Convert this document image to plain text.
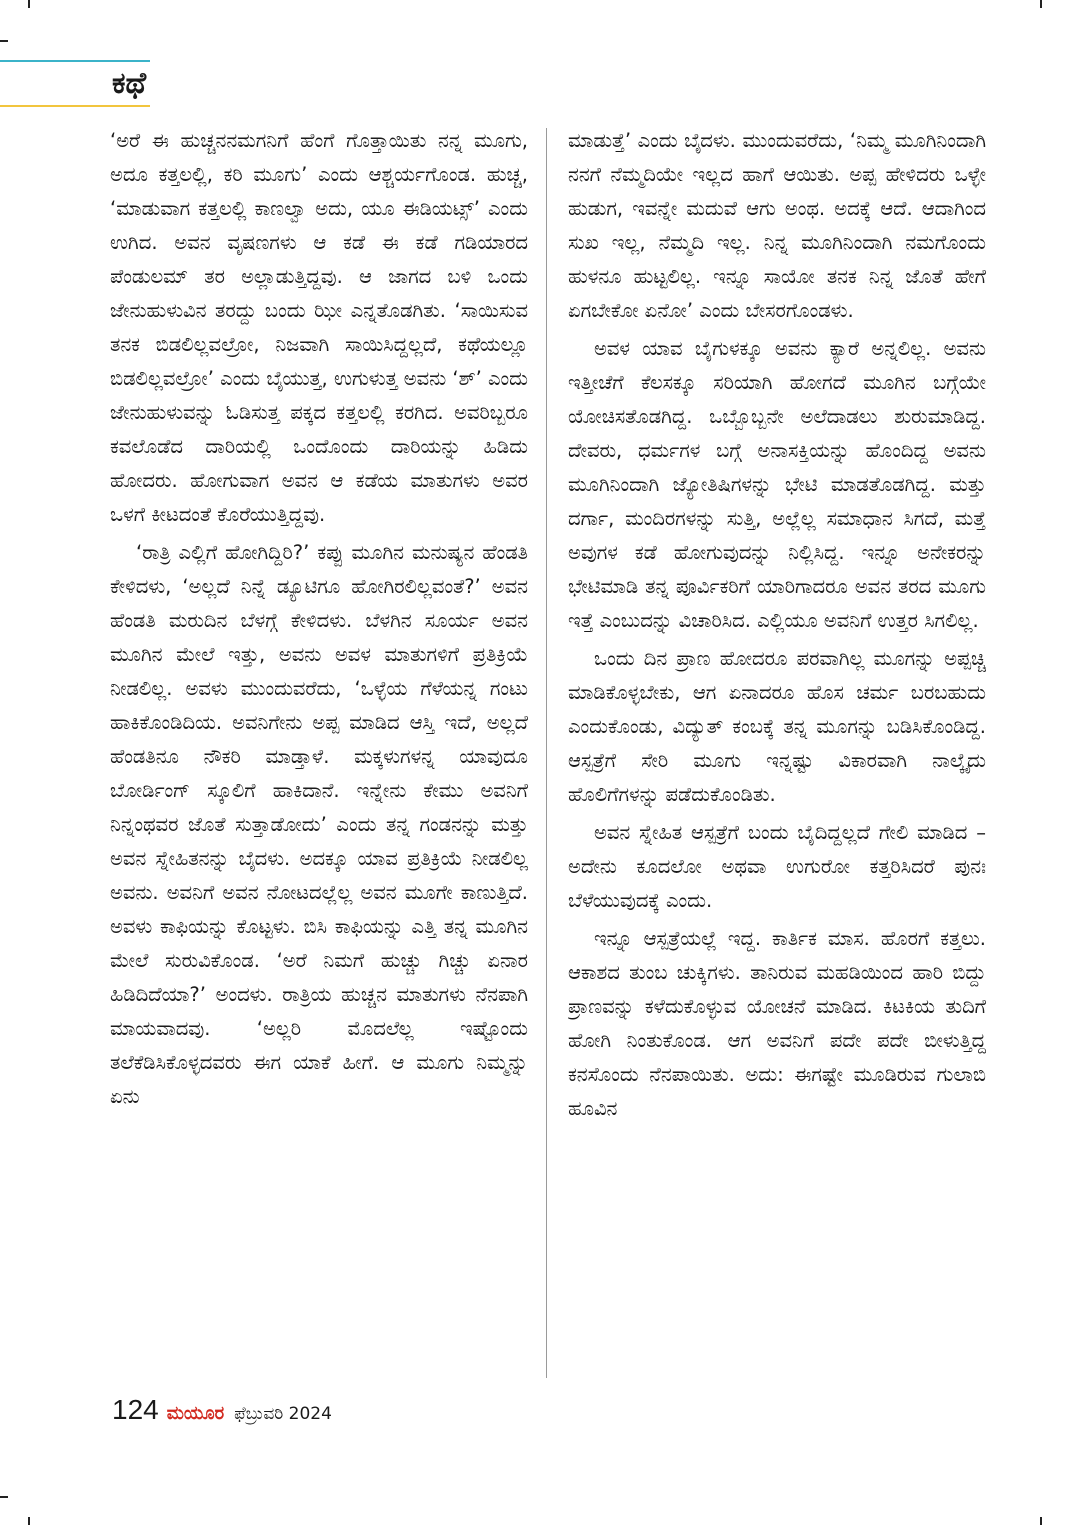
ಕಥೆ

‘ಅರೆ ಈ ಹುಚ್ಚನನಮಗನಿಗೆ ಹೆಂಗೆ ಗೊತ್ತಾಯಿತು ನನ್ನ ಮೂಗು, ಅದೂ ಕತ್ತಲಲ್ಲಿ, ಕರಿ ಮೂಗು’ ಎಂದು ಆಶ್ಚರ್ಯಗೊಂಡ. ಹುಚ್ಚ, ‘ಮಾಡುವಾಗ ಕತ್ತಲಲ್ಲಿ ಕಾಣಲ್ವಾ ಅದು, ಯೂ ಈಡಿಯಟ್ಸ್’ ಎಂದು ಉಗಿದ. ಅವನ ವೃಷಣಗಳು ಆ ಕಡೆ ಈ ಕಡೆ ಗಡಿಯಾರದ ಪೆಂಡುಲಮ್ ತರ ಅಲ್ಲಾಡುತ್ತಿದ್ದವು. ಆ ಜಾಗದ ಬಳಿ ಒಂದು ಜೇನುಹುಳುವಿನ ತರದ್ದು ಬಂದು ಝೀ ಎನ್ನತೊಡಗಿತು. ‘ಸಾಯಿಸುವ ತನಕ ಬಿಡಲಿಲ್ಲವಲ್ರೋ, ನಿಜವಾಗಿ ಸಾಯಿಸಿದ್ದಲ್ಲದೆ, ಕಥೆಯಲ್ಲೂ ಬಿಡಲಿಲ್ಲವಲ್ರೋ’ ಎಂದು ಬೈಯುತ್ತ, ಉಗುಳುತ್ತ ಅವನು ‘ಶ್’ ಎಂದು ಜೇನುಹುಳುವನ್ನು ಓಡಿಸುತ್ತ ಪಕ್ಕದ ಕತ್ತಲಲ್ಲಿ ಕರಗಿದ. ಅವರಿಬ್ಬರೂ ಕವಲೊಡೆದ ದಾರಿಯಲ್ಲಿ ಒಂದೊಂದು ದಾರಿಯನ್ನು ಹಿಡಿದು ಹೋದರು. ಹೋಗುವಾಗ ಅವನ ಆ ಕಡೆಯ ಮಾತುಗಳು ಅವರ ಒಳಗೆ ಕೀಟದಂತೆ ಕೊರೆಯುತ್ತಿದ್ದವು.

‘ರಾತ್ರಿ ಎಲ್ಲಿಗೆ ಹೋಗಿದ್ದಿರಿ?’ ಕಪ್ಪು ಮೂಗಿನ ಮನುಷ್ಯನ ಹೆಂಡತಿ ಕೇಳಿದಳು, ‘ಅಲ್ಲದೆ ನಿನ್ನೆ ಡ್ಯೂಟಿಗೂ ಹೋಗಿರಲಿಲ್ಲವಂತೆ?’ ಅವನ ಹೆಂಡತಿ ಮರುದಿನ ಬೆಳಗ್ಗೆ ಕೇಳಿದಳು. ಬೆಳಗಿನ ಸೂರ್ಯ ಅವನ ಮೂಗಿನ ಮೇಲೆ ಇತ್ತು, ಅವನು ಅವಳ ಮಾತುಗಳಿಗೆ ಪ್ರತಿಕ್ರಿಯೆ ನೀಡಲಿಲ್ಲ. ಅವಳು ಮುಂದುವರೆದು, ‘ಒಳ್ಳೆಯ ಗೆಳೆಯನ್ನ ಗಂಟು ಹಾಕಿಕೊಂಡಿದಿಯ. ಅವನಿಗೇನು ಅಪ್ಪ ಮಾಡಿದ ಆಸ್ತಿ ಇದೆ, ಅಲ್ಲದೆ ಹೆಂಡತಿನೂ ನೌಕರಿ ಮಾಡ್ತಾಳೆ. ಮಕ್ಕಳುಗಳನ್ನ ಯಾವುದೂ ಬೋರ್ಡಿಂಗ್ ಸ್ಕೂಲಿಗೆ ಹಾಕಿದಾನೆ. ಇನ್ನೇನು ಕೇಮು ಅವನಿಗೆ ನಿನ್ನಂಥವರ ಜೊತೆ ಸುತ್ತಾಡೋದು’ ಎಂದು ತನ್ನ ಗಂಡನನ್ನು ಮತ್ತು ಅವನ ಸ್ನೇಹಿತನನ್ನು ಬೈದಳು. ಅದಕ್ಕೂ ಯಾವ ಪ್ರತಿಕ್ರಿಯೆ ನೀಡಲಿಲ್ಲ ಅವನು. ಅವನಿಗೆ ಅವನ ನೋಟದಲ್ಲೆಲ್ಲ ಅವನ ಮೂಗೇ ಕಾಣುತ್ತಿದೆ. ಅವಳು ಕಾಫಿಯನ್ನು ಕೊಟ್ಟಳು. ಬಿಸಿ ಕಾಫಿಯನ್ನು ಎತ್ತಿ ತನ್ನ ಮೂಗಿನ ಮೇಲೆ ಸುರುವಿಕೊಂಡ. ‘ಅರೆ ನಿಮಗೆ ಹುಚ್ಚು ಗಿಚ್ಚು ಏನಾರ ಹಿಡಿದಿದೆಯಾ?’ ಅಂದಳು. ರಾತ್ರಿಯ ಹುಚ್ಚನ ಮಾತುಗಳು ನೆನಪಾಗಿ ಮಾಯವಾದವು. ‘ಅಲ್ಲರಿ ಮೊದಲೆಲ್ಲ ಇಷ್ಟೊಂದು ತಲೆಕೆಡಿಸಿಕೊಳ್ಳದವರು ಈಗ ಯಾಕೆ ಹೀಗೆ. ಆ ಮೂಗು ನಿಮ್ಮನ್ನು ಏನು

ಮಾಡುತ್ತೆ’ ಎಂದು ಬೈದಳು. ಮುಂದುವರೆದು, ‘ನಿಮ್ಮ ಮೂಗಿನಿಂದಾಗಿ ನನಗೆ ನೆಮ್ಮದಿಯೇ ಇಲ್ಲದ ಹಾಗೆ ಆಯಿತು. ಅಪ್ಪ ಹೇಳಿದರು ಒಳ್ಳೇ ಹುಡುಗ, ಇವನ್ನೇ ಮದುವೆ ಆಗು ಅಂಥ. ಅದಕ್ಕೆ ಆದೆ. ಆದಾಗಿಂದ ಸುಖ ಇಲ್ಲ, ನೆಮ್ಮದಿ ಇಲ್ಲ. ನಿನ್ನ ಮೂಗಿನಿಂದಾಗಿ ನಮಗೊಂದು ಹುಳನೂ ಹುಟ್ಟಲಿಲ್ಲ. ಇನ್ನೂ ಸಾಯೋ ತನಕ ನಿನ್ನ ಜೊತೆ ಹೇಗೆ ಏಗಬೇಕೋ ಏನೋ’ ಎಂದು ಬೇಸರಗೊಂಡಳು.

ಅವಳ ಯಾವ ಬೈಗುಳಕ್ಕೂ ಅವನು ಕ್ಯಾರೆ ಅನ್ನಲಿಲ್ಲ. ಅವನು ಇತ್ತೀಚೆಗೆ ಕೆಲಸಕ್ಕೂ ಸರಿಯಾಗಿ ಹೋಗದೆ ಮೂಗಿನ ಬಗ್ಗೆಯೇ ಯೋಚಿಸತೊಡಗಿದ್ದ. ಒಬ್ಬೊಬ್ಬನೇ ಅಲೆದಾಡಲು ಶುರುಮಾಡಿದ್ದ. ದೇವರು, ಧರ್ಮಗಳ ಬಗ್ಗೆ ಅನಾಸಕ್ತಿಯನ್ನು ಹೊಂದಿದ್ದ ಅವನು ಮೂಗಿನಿಂದಾಗಿ ಜ್ಯೋತಿಷಿಗಳನ್ನು ಭೇಟಿ ಮಾಡತೊಡಗಿದ್ದ. ಮತ್ತು ದರ್ಗಾ, ಮಂದಿರಗಳನ್ನು ಸುತ್ತಿ, ಅಲ್ಲೆಲ್ಲ ಸಮಾಧಾನ ಸಿಗದೆ, ಮತ್ತೆ ಅವುಗಳ ಕಡೆ ಹೋಗುವುದನ್ನು ನಿಲ್ಲಿಸಿದ್ದ. ಇನ್ನೂ ಅನೇಕರನ್ನು ಭೇಟಿಮಾಡಿ ತನ್ನ ಪೂರ್ವಿಕರಿಗೆ ಯಾರಿಗಾದರೂ ಅವನ ತರದ ಮೂಗು ಇತ್ತೆ ಎಂಬುದನ್ನು ವಿಚಾರಿಸಿದ. ಎಲ್ಲಿಯೂ ಅವನಿಗೆ ಉತ್ತರ ಸಿಗಲಿಲ್ಲ.

ಒಂದು ದಿನ ಪ್ರಾಣ ಹೋದರೂ ಪರವಾಗಿಲ್ಲ ಮೂಗನ್ನು ಅಪ್ಪಚ್ಚಿ ಮಾಡಿಕೊಳ್ಳಬೇಕು, ಆಗ ಏನಾದರೂ ಹೊಸ ಚರ್ಮ ಬರಬಹುದು ಎಂದುಕೊಂಡು, ವಿದ್ಯುತ್ ಕಂಬಕ್ಕೆ ತನ್ನ ಮೂಗನ್ನು ಬಡಿಸಿಕೊಂಡಿದ್ದ. ಆಸ್ಪತ್ರೆಗೆ ಸೇರಿ ಮೂಗು ಇನ್ನಷ್ಟು ವಿಕಾರವಾಗಿ ನಾಲ್ಕೈದು ಹೊಲಿಗೆಗಳನ್ನು ಪಡೆದುಕೊಂಡಿತು.

ಅವನ ಸ್ನೇಹಿತ ಆಸ್ಪತ್ರೆಗೆ ಬಂದು ಬೈದಿದ್ದಲ್ಲದೆ ಗೇಲಿ ಮಾಡಿದ –ಅದೇನು ಕೂದಲೋ ಅಥವಾ ಉಗುರೋ ಕತ್ತರಿಸಿದರೆ ಪುನಃ ಬೆಳೆಯುವುದಕ್ಕೆ ಎಂದು.

ಇನ್ನೂ ಆಸ್ಪತ್ರೆಯಲ್ಲೆ ಇದ್ದ. ಕಾರ್ತಿಕ ಮಾಸ. ಹೊರಗೆ ಕತ್ತಲು. ಆಕಾಶದ ತುಂಬ ಚುಕ್ಕಿಗಳು. ತಾನಿರುವ ಮಹಡಿಯಿಂದ ಹಾರಿ ಬಿದ್ದು ಪ್ರಾಣವನ್ನು ಕಳೆದುಕೊಳ್ಳುವ ಯೋಚನೆ ಮಾಡಿದ. ಕಿಟಕಿಯ ತುದಿಗೆ ಹೋಗಿ ನಿಂತುಕೊಂಡ. ಆಗ ಅವನಿಗೆ ಪದೇ ಪದೇ ಬೀಳುತ್ತಿದ್ದ ಕನಸೊಂದು ನೆನಪಾಯಿತು. ಅದು: ಈಗಷ್ಟೇ ಮೂಡಿರುವ ಗುಲಾಬಿ ಹೂವಿನ

124 ಮಯೂರ ಫೆಬ್ರುವರಿ 2024
